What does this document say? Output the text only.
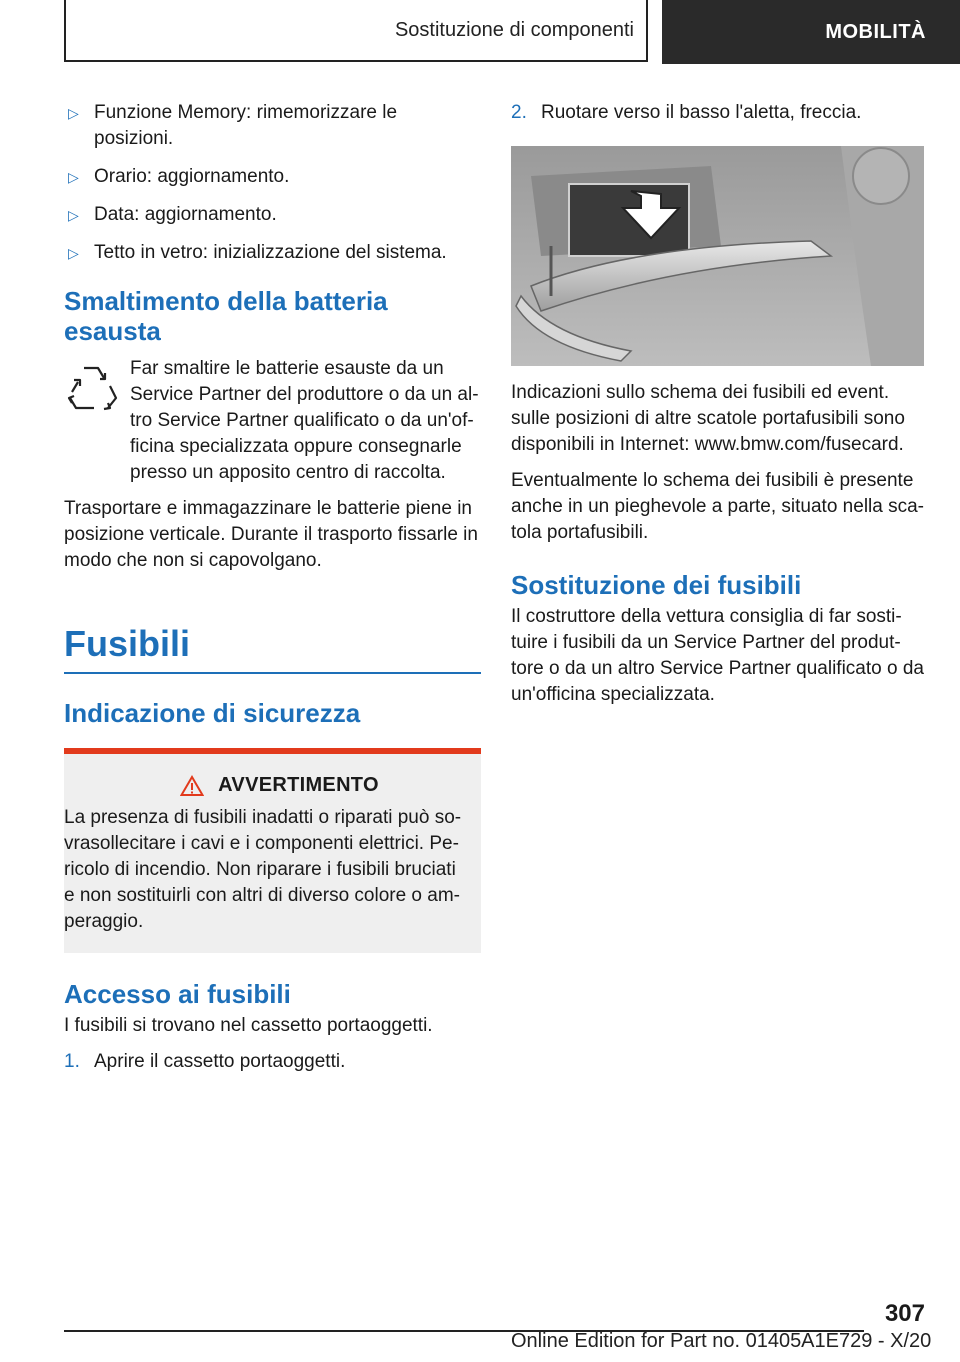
Sostituzione di componenti	MOBILITÀ
▷ Funzione Memory: rimemorizzare le posizioni.
▷ Orario: aggiornamento.
▷ Data: aggiornamento.
▷ Tetto in vetro: inizializzazione del sistema.
Smaltimento della batteria esausta

Far smaltire le batterie esauste da un Service Partner del produttore o da un al-tro Service Partner qualificato o da un'of-ficina specializzata oppure consegnarle presso un apposito centro di raccolta.

Trasportare e immagazzinare le batterie piene in posizione verticale. Durante il trasporto fissarle in modo che non si capovolgano.

Fusibili
Indicazione di sicurezza
AVVERTIMENTO

La presenza di fusibili inadatti o riparati può so-vrasollecitare i cavi e i componenti elettrici. Pe-ricolo di incendio. Non riparare i fusibili bruciati e non sostituirli con altri di diverso colore o am-peraggio.

Accesso ai fusibili

I fusibili si trovano nel cassetto portaoggetti.

1. Aprire il cassetto portaoggetti.
2. Ruotare verso il basso l'aletta, freccia.

Indicazioni sullo schema dei fusibili ed event. sulle posizioni di altre scatole portafusibili sono disponibili in Internet: www.bmw.com/fusecard.

Eventualmente lo schema dei fusibili è presente anche in un pieghevole a parte, situato nella sca-tola portafusibili.

Sostituzione dei fusibili

Il costruttore della vettura consiglia di far sosti-tuire i fusibili da un Service Partner del produt-tore o da un altro Service Partner qualificato o da un'officina specializzata.

307
Online Edition for Part no. 01405A1E729 - X/20
